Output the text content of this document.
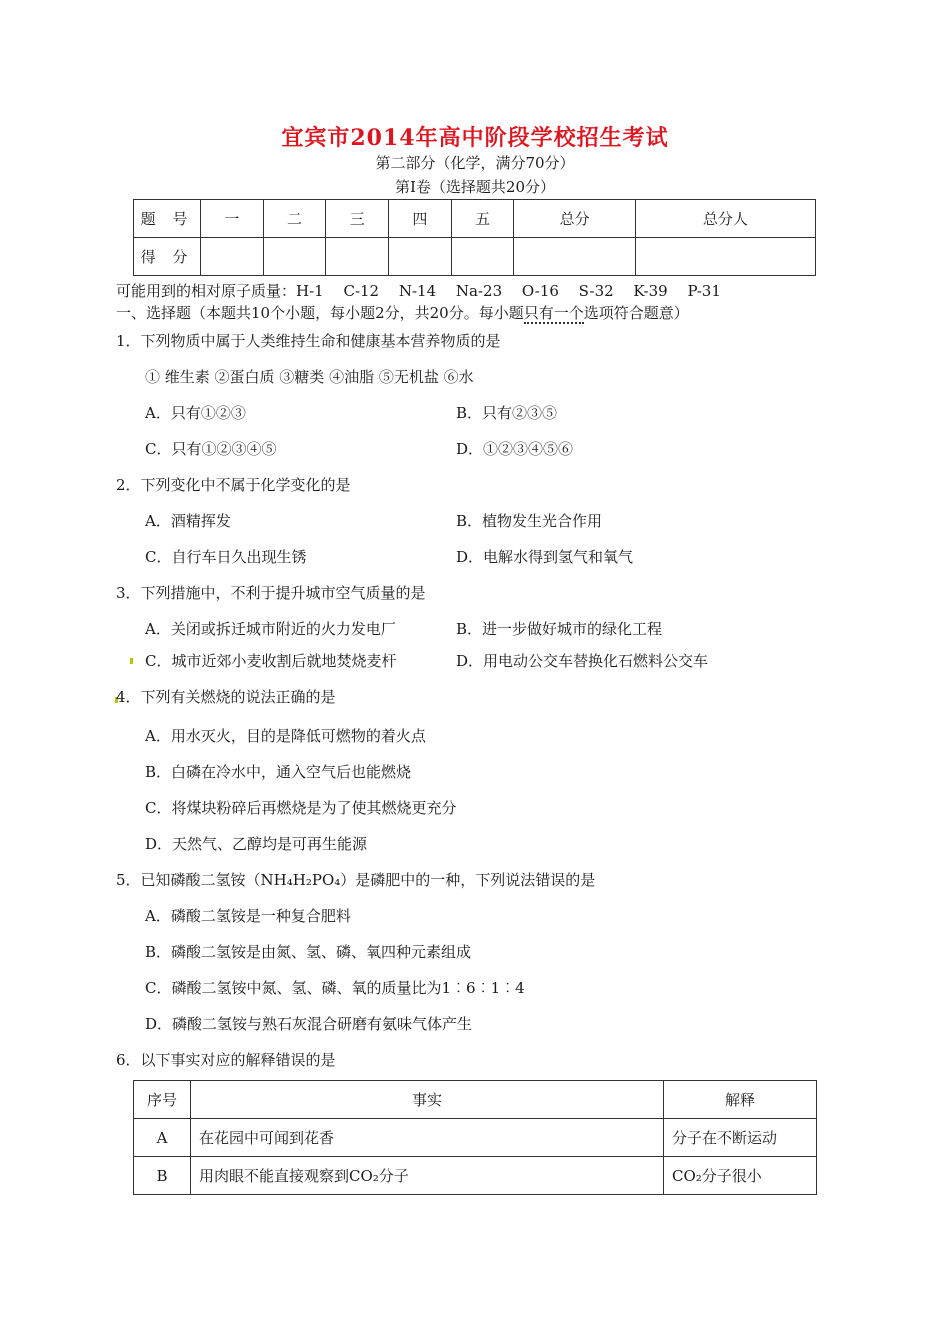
宜宾市2014年高中阶段学校招生考试
第二部分（化学，满分70分）
第Ⅰ卷（选择题共20分）
题 号	一	二	三	四	五	总分	总分人
得 分							
可能用到的相对原子质量：H-1　 C-12　 N-14　 Na-23　 O-16　 S-32　 K-39　 P-31
一、选择题（本题共10个小题，每小题2分，共20分。每小题只有一个选项符合题意）
1．下列物质中属于人类维持生命和健康基本营养物质的是
① 维生素 ②蛋白质 ③糖类 ④油脂 ⑤无机盐 ⑥水
A．只有①②③	B．只有②③⑤
C．只有①②③④⑤	D．①②③④⑤⑥
2．下列变化中不属于化学变化的是
A．酒精挥发	B．植物发生光合作用
C．自行车日久出现生锈	D．电解水得到氢气和氧气
3．下列措施中，不利于提升城市空气质量的是
A．关闭或拆迁城市附近的火力发电厂	B．进一步做好城市的绿化工程
C．城市近郊小麦收割后就地焚烧麦杆	D．用电动公交车替换化石燃料公交车
4．下列有关燃烧的说法正确的是
A．用水灭火，目的是降低可燃物的着火点
B．白磷在冷水中，通入空气后也能燃烧
C．将煤块粉碎后再燃烧是为了使其燃烧更充分
D．天然气、乙醇均是可再生能源
5．已知磷酸二氢铵（NH₄H₂PO₄）是磷肥中的一种，下列说法错误的是
A．磷酸二氢铵是一种复合肥料
B．磷酸二氢铵是由氮、氢、磷、氧四种元素组成
C．磷酸二氢铵中氮、氢、磷、氧的质量比为1︰6︰1︰4
D．磷酸二氢铵与熟石灰混合研磨有氨味气体产生
6．以下事实对应的解释错误的是
序号	事实	解释
A	在花园中可闻到花香	分子在不断运动
B	用肉眼不能直接观察到CO₂分子	CO₂分子很小
